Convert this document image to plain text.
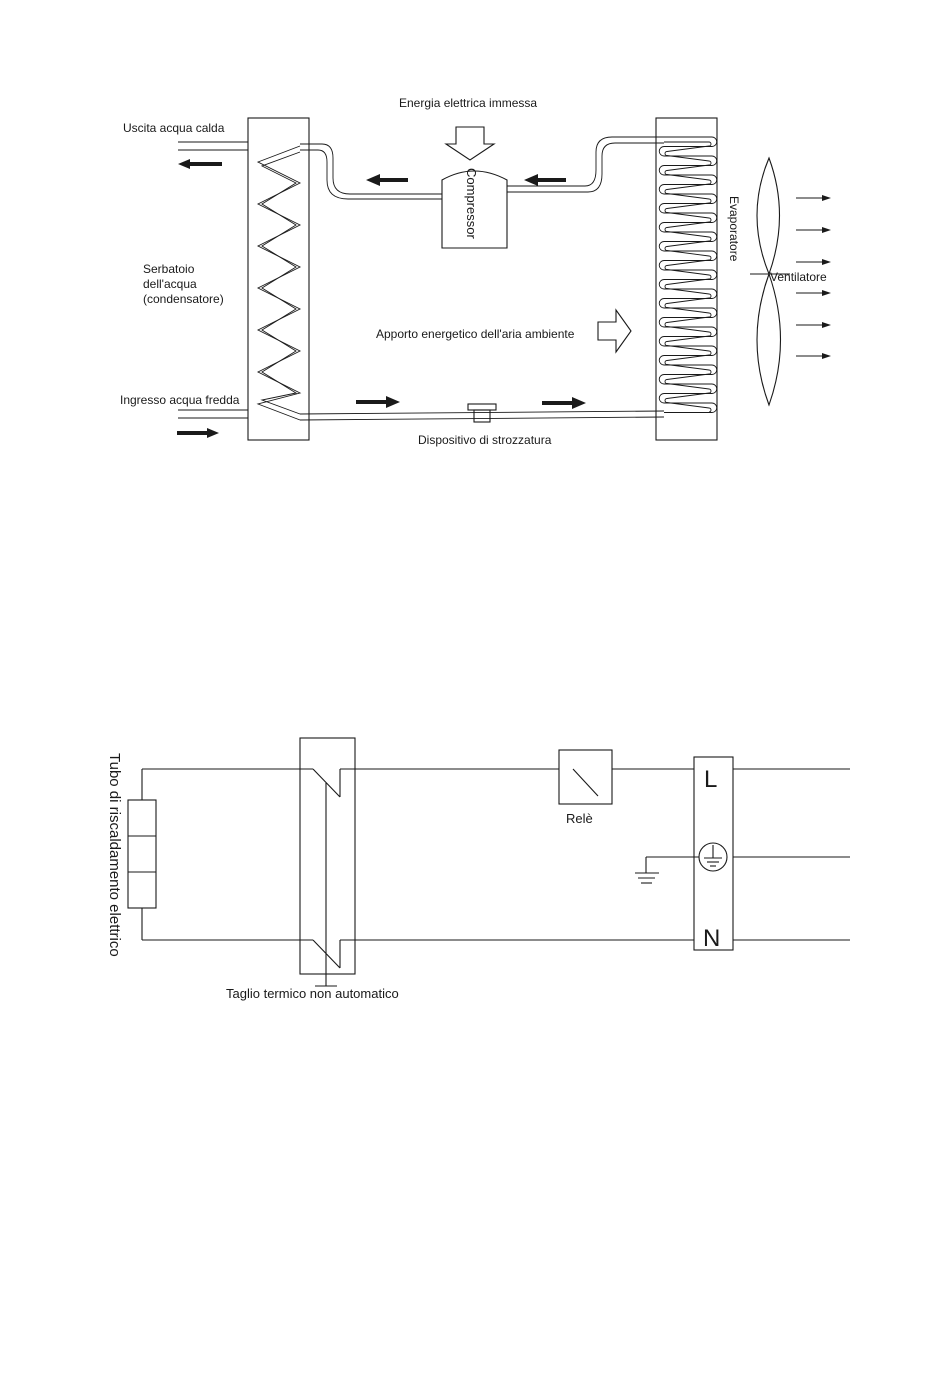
Energia elettrica immessa
Uscita acqua calda
Serbatoio
dell'acqua
(condensatore)
Ingresso acqua fredda
Compressor	Evaporatore
Ventilatore
Apporto energetico dell'aria ambiente
Dispositivo di strozzatura
L
N
Relè
Taglio termico non automatico
Tubo di riscaldamento elettrico
